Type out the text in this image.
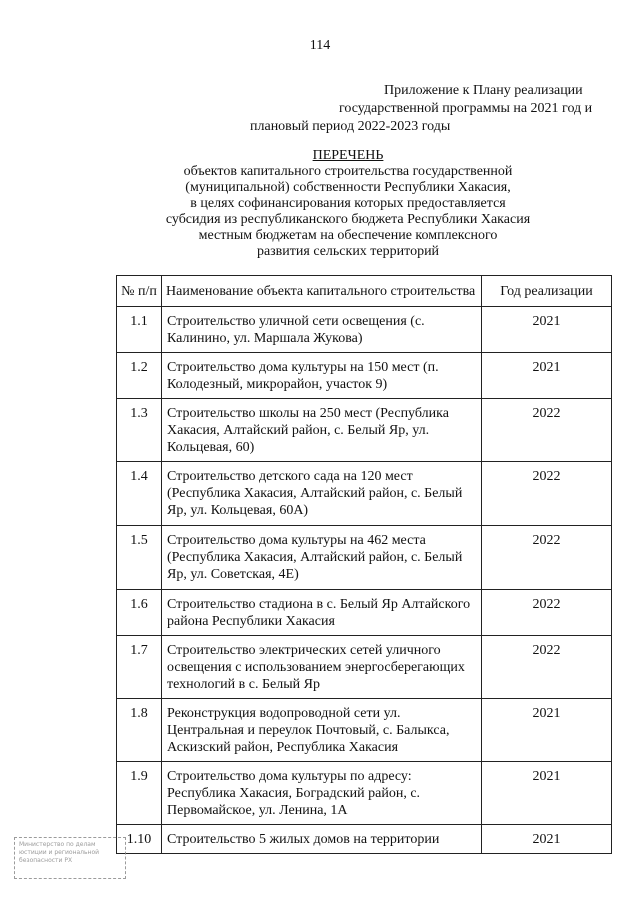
114
Приложение к Плану реализации
государственной программы на 2021 год и
плановый период 2022-2023 годы
ПЕРЕЧЕНЬ
объектов капитального строительства государственной
(муниципальной) собственности Республики Хакасия,
в целях софинансирования которых предоставляется
субсидия из республиканского бюджета Республики Хакасия
местным бюджетам на обеспечение комплексного
развития сельских территорий
№ п/п	Наименование объекта капитального строительства	Год реализации
1.1	Строительство уличной сети освещения (с. Калинино, ул. Маршала Жукова)	2021
1.2	Строительство дома культуры на 150 мест (п. Колодезный, микрорайон, участок 9)	2021
1.3	Строительство школы на 250 мест (Республика Хакасия, Алтайский район, с. Белый Яр, ул. Кольцевая, 60)	2022
1.4	Строительство детского сада на 120 мест (Республика Хакасия, Алтайский район, с. Белый Яр, ул. Кольцевая, 60А)	2022
1.5	Строительство дома культуры на 462 места (Республика Хакасия, Алтайский район, с. Белый Яр, ул. Советская, 4Е)	2022
1.6	Строительство стадиона в с. Белый Яр Алтайского района Республики Хакасия	2022
1.7	Строительство электрических сетей уличного освещения с использованием энергосберегающих технологий в с. Белый Яр	2022
1.8	Реконструкция водопроводной сети ул. Центральная и переулок Почтовый, с. Балыкса, Аскизский район, Республика Хакасия	2021
1.9	Строительство дома культуры по адресу: Республика Хакасия, Боградский район, с. Первомайское, ул. Ленина, 1А	2021
1.10	Строительство 5 жилых домов на территории	2021
Министерство по делам
юстиции и региональной
безопасности РХ
